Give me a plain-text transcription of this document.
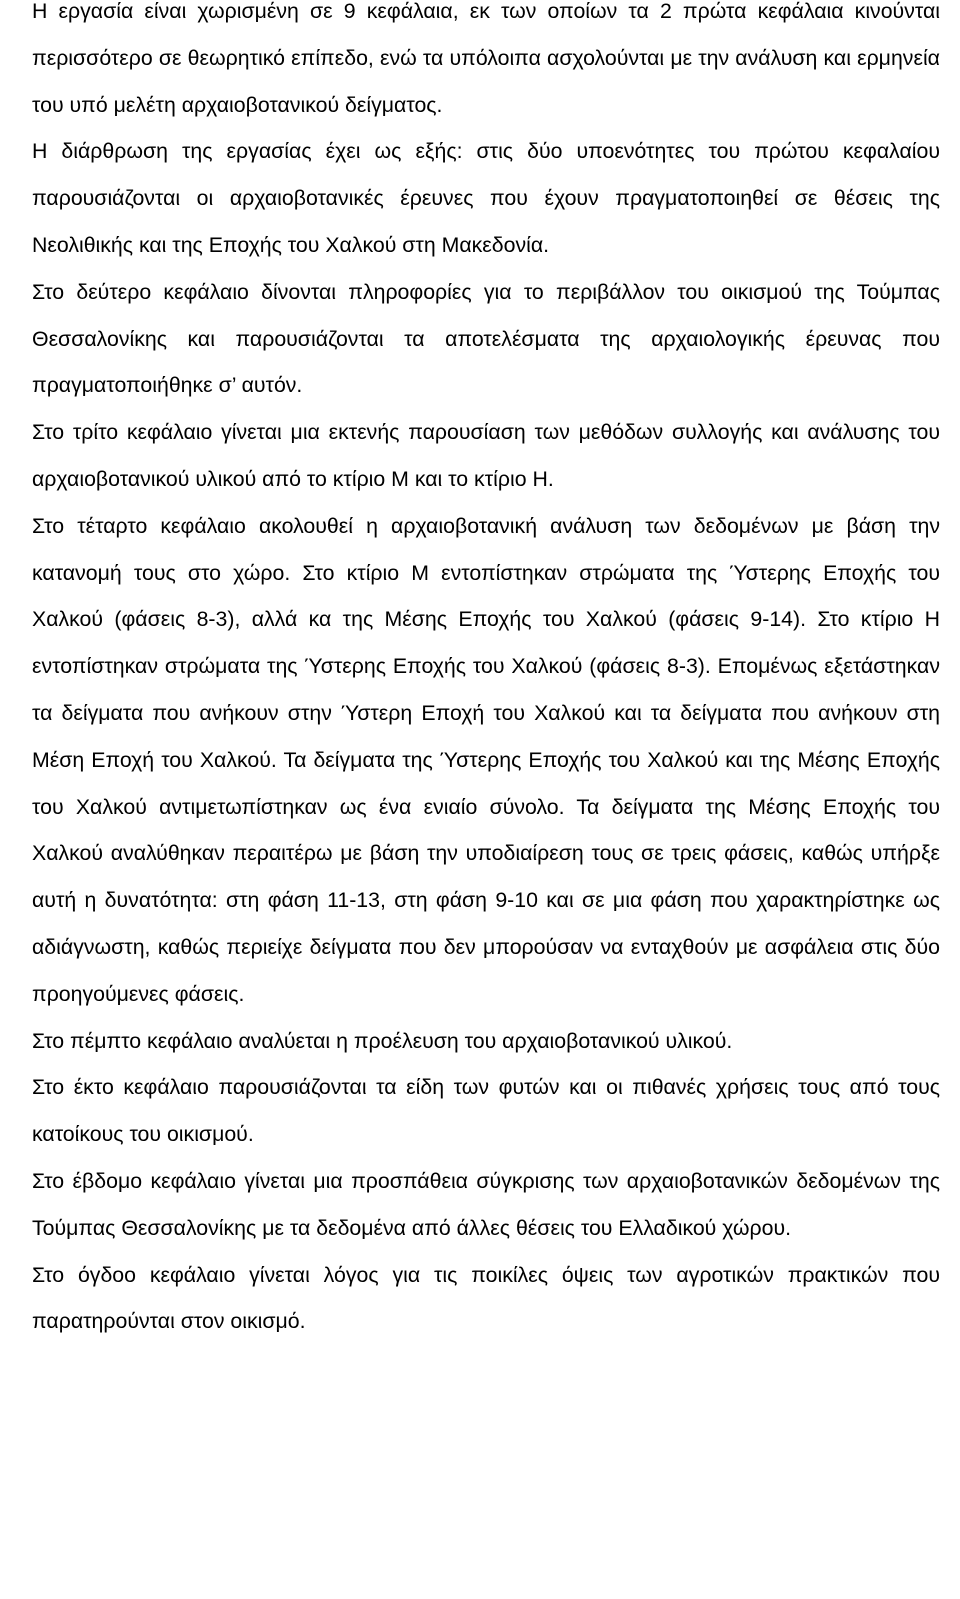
Η εργασία είναι χωρισμένη σε 9 κεφάλαια, εκ των οποίων τα 2 πρώτα κεφάλαια κινούνται περισσότερο σε θεωρητικό επίπεδο, ενώ τα υπόλοιπα ασχολούνται με την ανάλυση και ερμηνεία του υπό μελέτη αρχαιοβοτανικού δείγματος.

Η διάρθρωση της εργασίας έχει ως εξής: στις δύο υποενότητες του πρώτου κεφαλαίου παρουσιάζονται οι αρχαιοβοτανικές έρευνες που έχουν πραγματοποιηθεί σε θέσεις της Νεολιθικής και της Εποχής του Χαλκού στη Μακεδονία.

Στο δεύτερο κεφάλαιο δίνονται πληροφορίες για το περιβάλλον του οικισμού της Τούμπας Θεσσαλονίκης και παρουσιάζονται τα αποτελέσματα της αρχαιολογικής έρευνας που πραγματοποιήθηκε σ’ αυτόν.

Στο τρίτο κεφάλαιο γίνεται μια εκτενής παρουσίαση των μεθόδων συλλογής και ανάλυσης του αρχαιοβοτανικού υλικού από το κτίριο Μ και το κτίριο Η.

Στο τέταρτο κεφάλαιο ακολουθεί η αρχαιοβοτανική ανάλυση των δεδομένων με βάση την κατανομή τους στο χώρο. Στο κτίριο Μ εντοπίστηκαν στρώματα της Ύστερης Εποχής του Χαλκού (φάσεις 8-3), αλλά κα της Μέσης Εποχής του Χαλκού (φάσεις 9-14). Στο κτίριο Η εντοπίστηκαν στρώματα της Ύστερης Εποχής του Χαλκού (φάσεις 8-3). Επομένως εξετάστηκαν τα δείγματα που ανήκουν στην Ύστερη Εποχή του Χαλκού και τα δείγματα που ανήκουν στη Μέση Εποχή του Χαλκού. Τα δείγματα της Ύστερης Εποχής του Χαλκού και της Μέσης Εποχής του Χαλκού αντιμετωπίστηκαν ως ένα ενιαίο σύνολο. Τα δείγματα της Μέσης Εποχής του Χαλκού αναλύθηκαν περαιτέρω με βάση την υποδιαίρεση τους σε τρεις φάσεις, καθώς υπήρξε αυτή η δυνατότητα: στη φάση 11-13, στη φάση 9-10 και σε μια φάση που χαρακτηρίστηκε ως αδιάγνωστη, καθώς περιείχε δείγματα που δεν μπορούσαν να ενταχθούν με ασφάλεια στις δύο προηγούμενες φάσεις.

Στο πέμπτο κεφάλαιο αναλύεται η προέλευση του αρχαιοβοτανικού υλικού.

Στο έκτο κεφάλαιο παρουσιάζονται τα είδη των φυτών και οι πιθανές χρήσεις τους από τους κατοίκους του οικισμού.

Στο έβδομο κεφάλαιο γίνεται μια προσπάθεια σύγκρισης των αρχαιοβοτανικών δεδομένων της Τούμπας Θεσσαλονίκης με τα δεδομένα από άλλες θέσεις του Ελλαδικού χώρου.

Στο όγδοο κεφάλαιο γίνεται λόγος για τις ποικίλες όψεις των αγροτικών πρακτικών που παρατηρούνται στον οικισμό.
